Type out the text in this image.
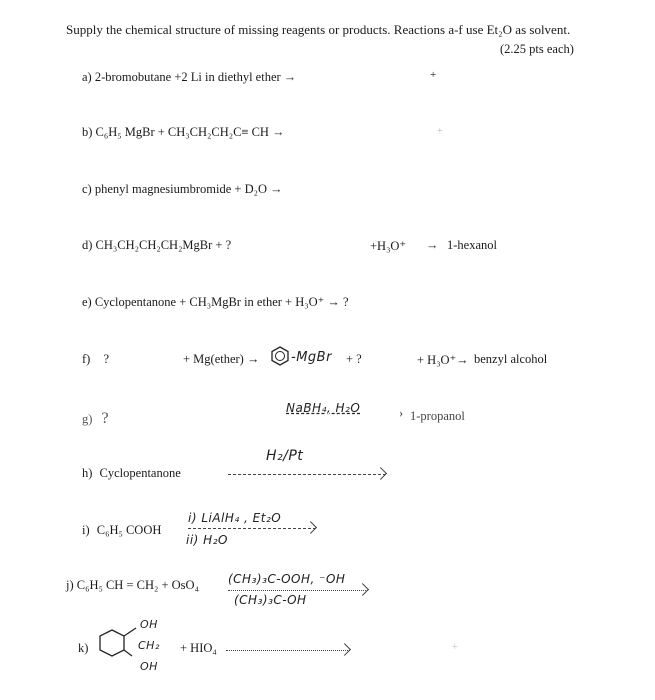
Supply the chemical structure of missing reagents or products. Reactions a-f use Et₂O as solvent.
(2.25 pts each)
a) 2-bromobutane +2 Li in diethyl ether →	+
b) C₆H₅ MgBr + CH₃CH₂CH₂C≡ CH →	+
c) phenyl magnesiumbromide + D₂O →
d) CH₃CH₂CH₂CH₂MgBr + ?	+H₃O⁺ → 1-hexanol
e) Cyclopentanone + CH₃MgBr in ether + H₃O⁺ → ?
f) ?	+ Mg(ether) → -MgBr + ?	+ H₃O⁺→ benzyl alcohol
g) ?
NaBH₄, H₂O	› 1-propanol
H₂/Pt
h) Cyclopentanone
i) LiAlH₄ , Et₂O
i) C₆H₅ COOH
ii) H₂O
j) C₆H₅ CH = CH₂ + OsO₄ (CH₃)₃C-OOH, ⁻OH
(CH₃)₃C-OH
k)
OH
CH₂
OH
+ HIO₄	+
